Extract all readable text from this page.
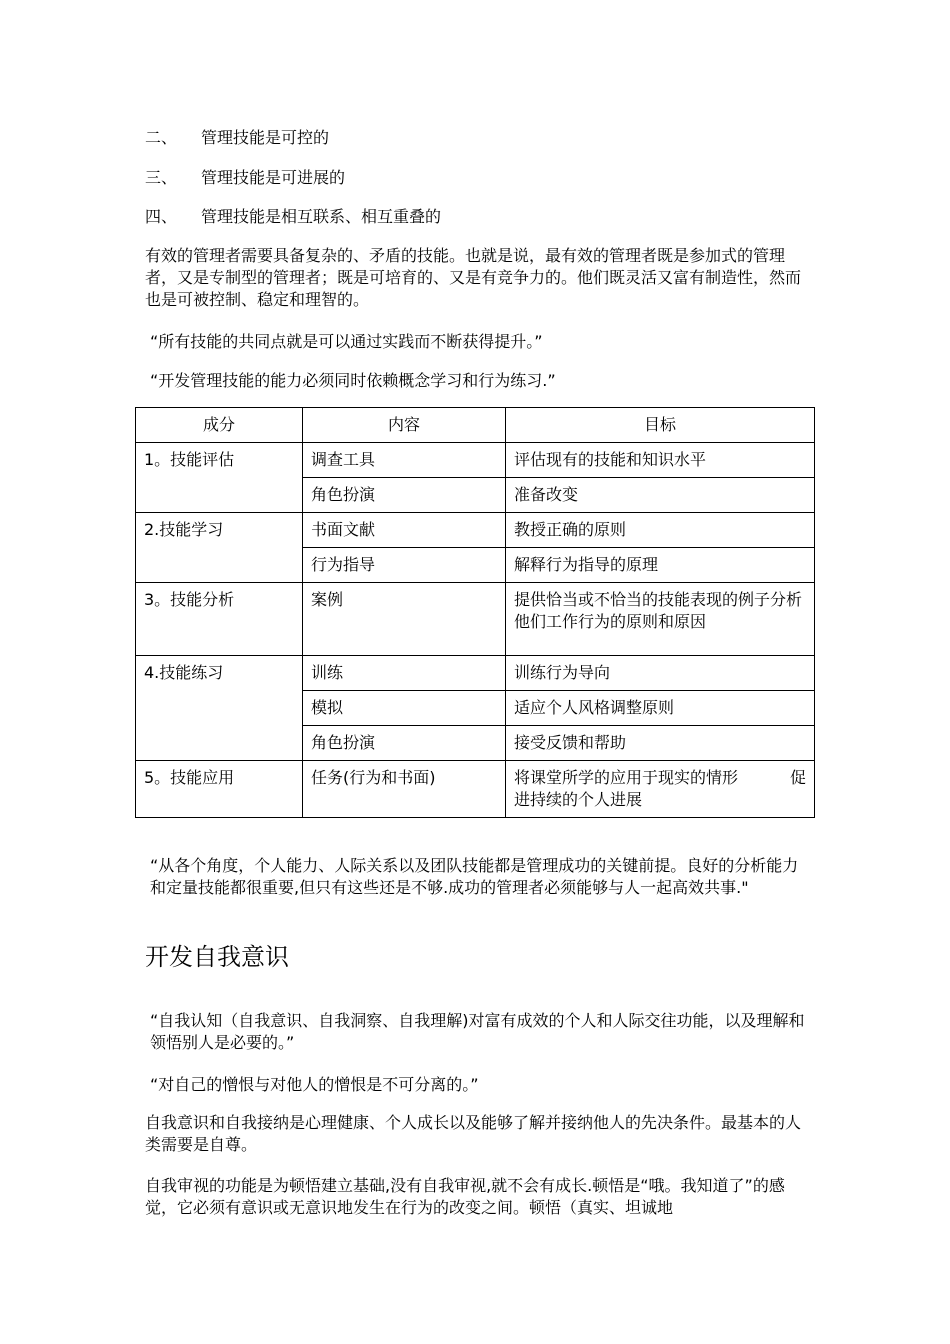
二、 管理技能是可控的
三、 管理技能是可进展的
四、 管理技能是相互联系、相互重叠的
有效的管理者需要具备复杂的、矛盾的技能。也就是说，最有效的管理者既是参加式的管理者，又是专制型的管理者；既是可培育的、又是有竞争力的。他们既灵活又富有制造性，然而也是可被控制、稳定和理智的。
“所有技能的共同点就是可以通过实践而不断获得提升。”
“开发管理技能的能力必须同时依赖概念学习和行为练习.”
成分	内容	目标
1。技能评估	调查工具	评估现有的技能和知识水平
	角色扮演	准备改变
2.技能学习	书面文献	教授正确的原则
	行为指导	解释行为指导的原理
3。技能分析	案例	提供恰当或不恰当的技能表现的例子分析他们工作行为的原则和原因
4.技能练习	训练	训练行为导向
	模拟	适应个人风格调整原则
	角色扮演	接受反馈和帮助
5。技能应用	任务(行为和书面)	将课堂所学的应用于现实的情形 促
进持续的个人进展
“从各个角度，个人能力、人际关系以及团队技能都是管理成功的关键前提。良好的分析能力和定量技能都很重要,但只有这些还是不够.成功的管理者必须能够与人一起高效共事."
开发自我意识
“自我认知（自我意识、自我洞察、自我理解)对富有成效的个人和人际交往功能，以及理解和领悟别人是必要的。”
“对自己的憎恨与对他人的憎恨是不可分离的。”
自我意识和自我接纳是心理健康、个人成长以及能够了解并接纳他人的先决条件。最基本的人类需要是自尊。
自我审视的功能是为顿悟建立基础,没有自我审视,就不会有成长.顿悟是“哦。我知道了”的感觉，它必须有意识或无意识地发生在行为的改变之间。顿悟（真实、坦诚地
